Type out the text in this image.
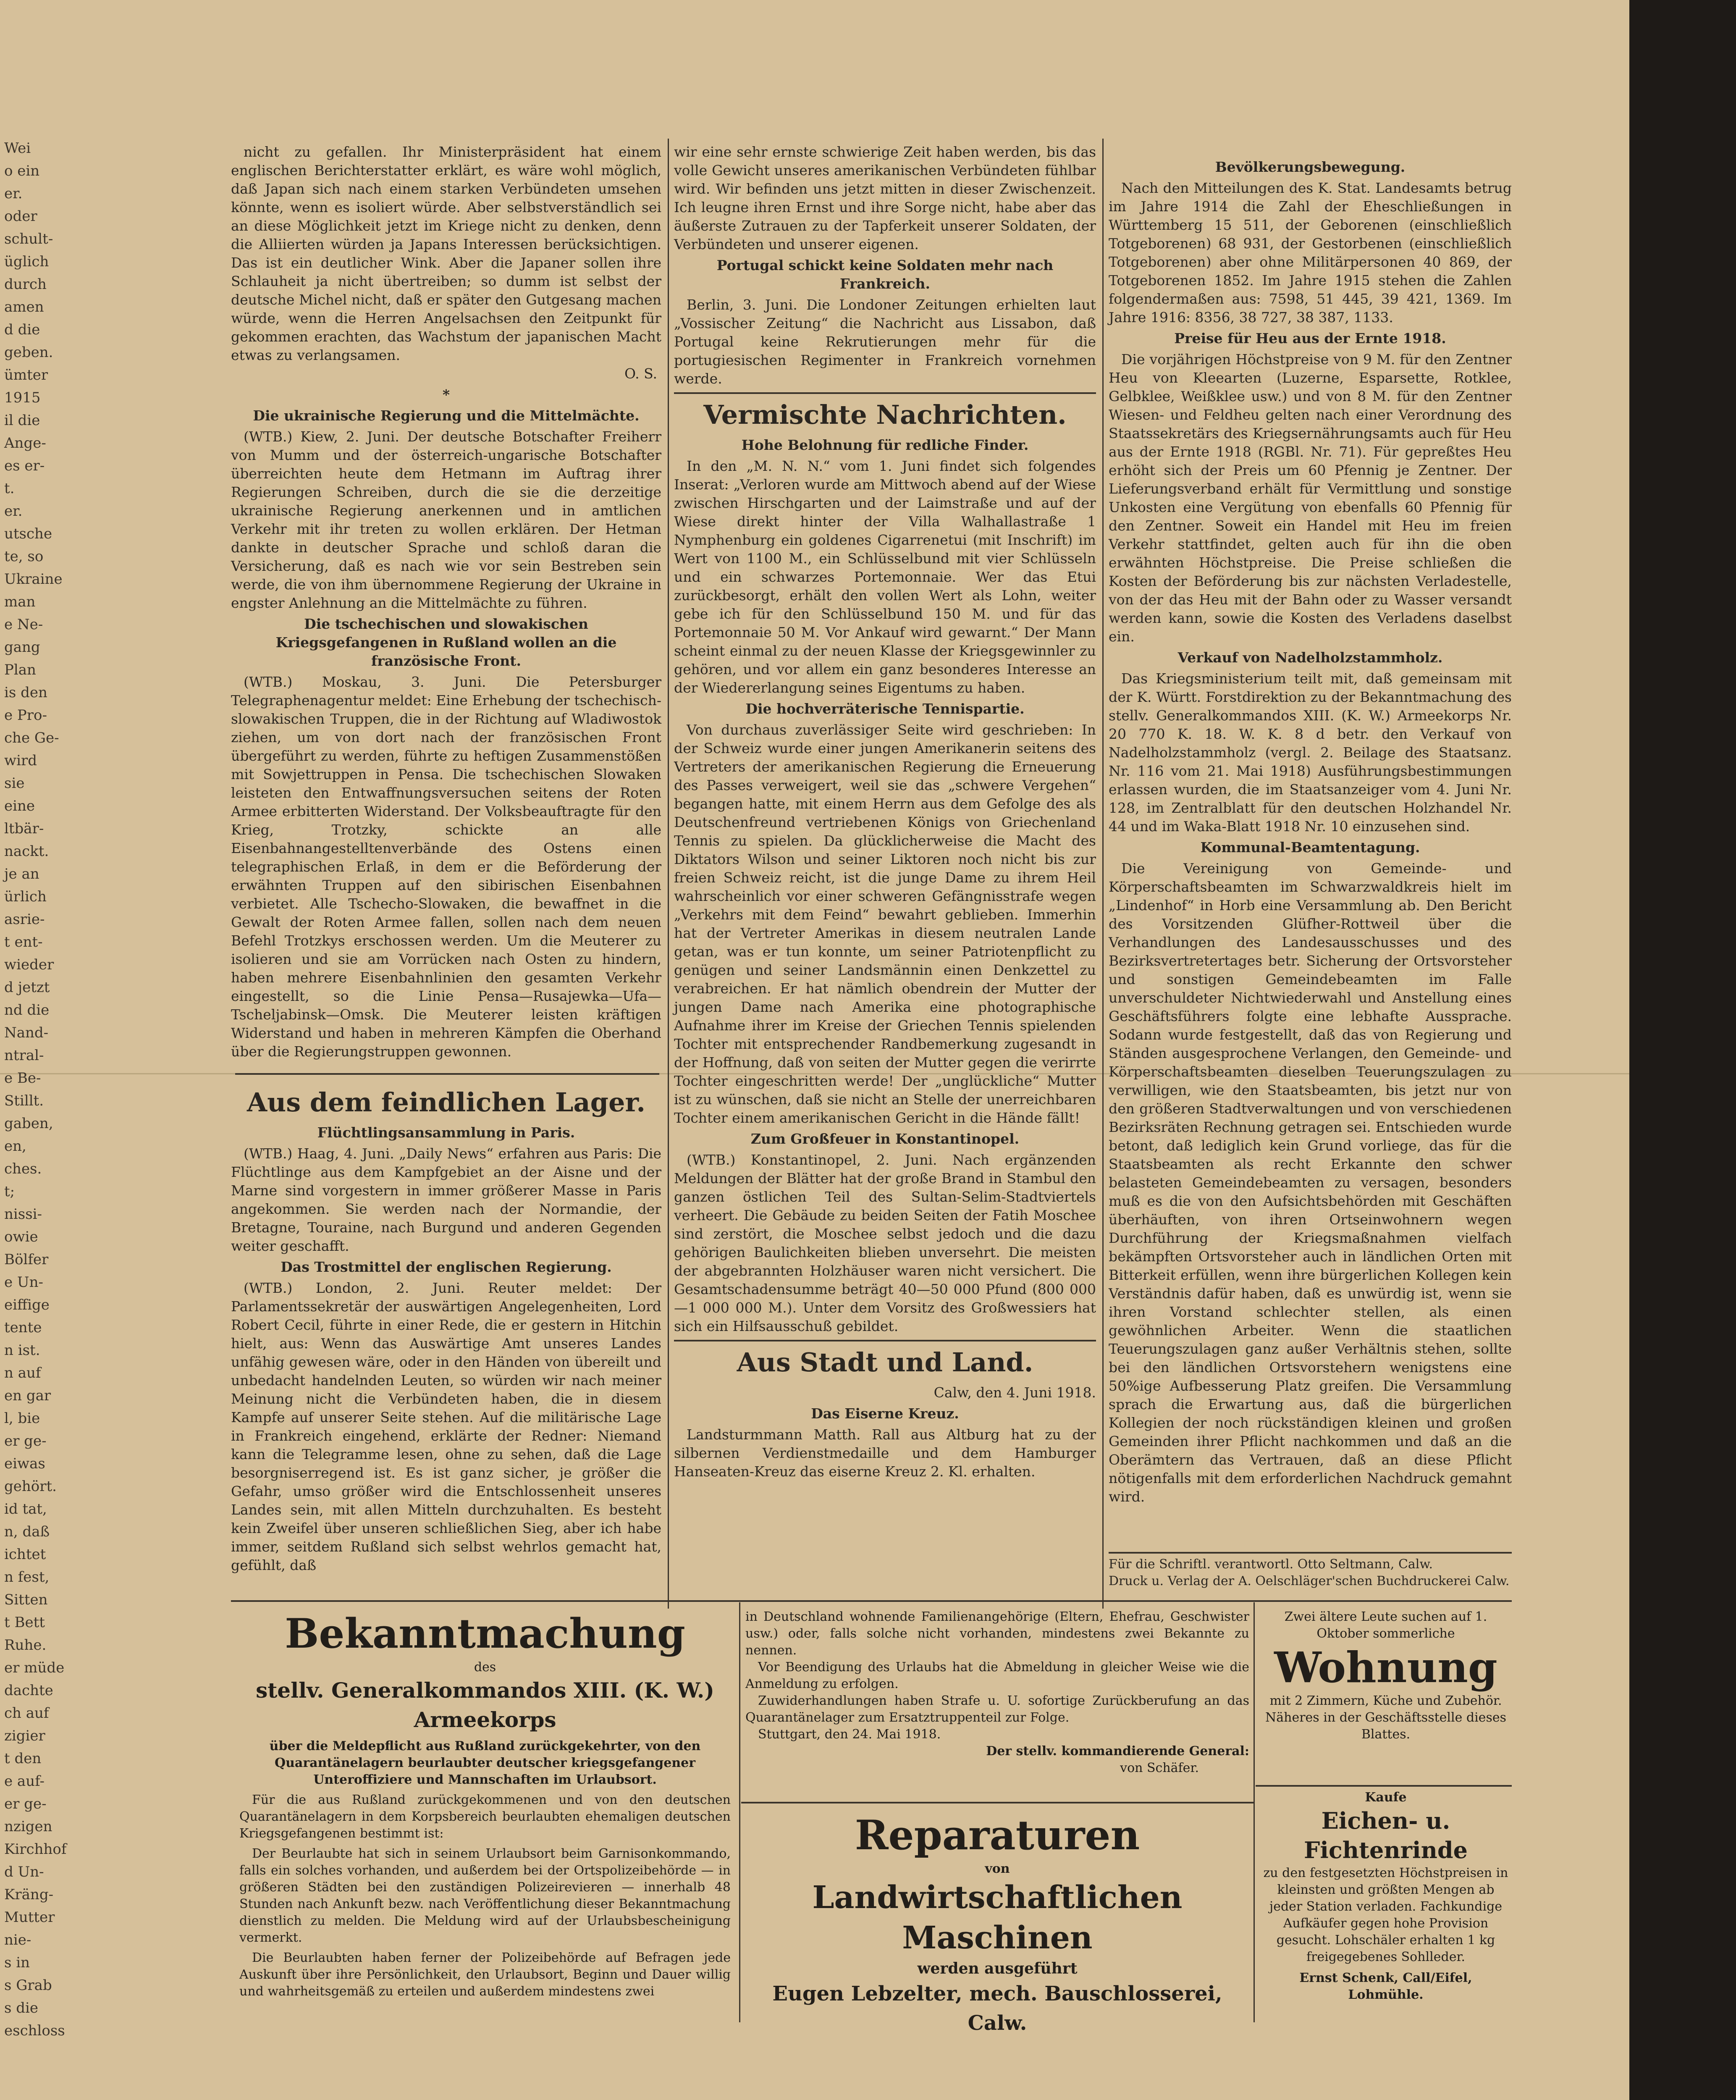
Wei
o ein
er.
oder
schult-
üglich
durch
amen
d die
geben.
ümter
1915
il die
Ange-
es er-
t.
er.
utsche
te, so
Ukraine
man
e Ne-
gang
Plan
is den
e Pro-
che Ge-
wird
sie
eine
ltbär-
nackt.
je an
ürlich
asrie-
t ent-
wieder
d jetzt
nd die
Nand-
ntral-
e Be-
Stillt.
gaben,
en,
ches.
t;
nissi-
owie
Bölfer
e Un-
eiffige
tente
n ist.
n auf
en gar
l, bie
er ge-
eiwas
gehört.
id tat,
n, daß
ichtet
n fest,
Sitten
t Bett
Ruhe.
er müde
dachte
ch auf
zigier
t den
e auf-
er ge-
nzigen
Kirchhof
d Un-
Kräng-
Mutter
nie-
s in
s Grab
s die
eschloss

nicht zu gefallen. Ihr Ministerpräsident hat einem englischen Berichterstatter erklärt, es wäre wohl möglich, daß Japan sich nach einem starken Verbündeten umsehen könnte, wenn es isoliert würde. Aber selbstverständlich sei an diese Möglichkeit jetzt im Kriege nicht zu denken, denn die Alliierten würden ja Japans Interessen berücksichtigen. Das ist ein deutlicher Wink. Aber die Japaner sollen ihre Schlauheit ja nicht übertreiben; so dumm ist selbst der deutsche Michel nicht, daß er später den Gutgesang machen würde, wenn die Herren Angelsachsen den Zeitpunkt für gekommen erachten, das Wachstum der japanischen Macht etwas zu verlangsamen.

O. S.
*
Die ukrainische Regierung und die Mittelmächte.

(WTB.) Kiew, 2. Juni. Der deutsche Botschafter Freiherr von Mumm und der österreich-ungarische Botschafter überreichten heute dem Hetmann im Auftrag ihrer Regierungen Schreiben, durch die sie die derzeitige ukrainische Regierung anerkennen und in amtlichen Verkehr mit ihr treten zu wollen erklären. Der Hetman dankte in deutscher Sprache und schloß daran die Versicherung, daß es nach wie vor sein Bestreben sein werde, die von ihm übernommene Regierung der Ukraine in engster Anlehnung an die Mittelmächte zu führen.

Die tschechischen und slowakischen Kriegsgefangenen in Rußland wollen an die französische Front.

(WTB.) Moskau, 3. Juni. Die Petersburger Telegraphenagentur meldet: Eine Erhebung der tschechisch-slowakischen Truppen, die in der Richtung auf Wladiwostok ziehen, um von dort nach der französischen Front übergeführt zu werden, führte zu heftigen Zusammenstößen mit Sowjettruppen in Pensa. Die tschechischen Slowaken leisteten den Entwaffnungsversuchen seitens der Roten Armee erbitterten Widerstand. Der Volksbeauftragte für den Krieg, Trotzky, schickte an alle Eisenbahnangestelltenverbände des Ostens einen telegraphischen Erlaß, in dem er die Beförderung der erwähnten Truppen auf den sibirischen Eisenbahnen verbietet. Alle Tschecho-Slowaken, die bewaffnet in die Gewalt der Roten Armee fallen, sollen nach dem neuen Befehl Trotzkys erschossen werden. Um die Meuterer zu isolieren und sie am Vorrücken nach Osten zu hindern, haben mehrere Eisenbahnlinien den gesamten Verkehr eingestellt, so die Linie Pensa—Rusajewka—Ufa—Tscheljabinsk—Omsk. Die Meuterer leisten kräftigen Widerstand und haben in mehreren Kämpfen die Oberhand über die Regierungstruppen gewonnen.

Aus dem feindlichen Lager.
Flüchtlingsansammlung in Paris.

(WTB.) Haag, 4. Juni. „Daily News“ erfahren aus Paris: Die Flüchtlinge aus dem Kampfgebiet an der Aisne und der Marne sind vorgestern in immer größerer Masse in Paris angekommen. Sie werden nach der Normandie, der Bretagne, Touraine, nach Burgund und anderen Gegenden weiter geschafft.

Das Trostmittel der englischen Regierung.

(WTB.) London, 2. Juni. Reuter meldet: Der Parlamentssekretär der auswärtigen Angelegenheiten, Lord Robert Cecil, führte in einer Rede, die er gestern in Hitchin hielt, aus: Wenn das Auswärtige Amt unseres Landes unfähig gewesen wäre, oder in den Händen von übereilt und unbedacht handelnden Leuten, so würden wir nach meiner Meinung nicht die Verbündeten haben, die in diesem Kampfe auf unserer Seite stehen. Auf die militärische Lage in Frankreich eingehend, erklärte der Redner: Niemand kann die Telegramme lesen, ohne zu sehen, daß die Lage besorgniserregend ist. Es ist ganz sicher, je größer die Gefahr, umso größer wird die Entschlossenheit unseres Landes sein, mit allen Mitteln durchzuhalten. Es besteht kein Zweifel über unseren schließlichen Sieg, aber ich habe immer, seitdem Rußland sich selbst wehrlos gemacht hat, gefühlt, daß

wir eine sehr ernste schwierige Zeit haben werden, bis das volle Gewicht unseres amerikanischen Verbündeten fühlbar wird. Wir befinden uns jetzt mitten in dieser Zwischenzeit. Ich leugne ihren Ernst und ihre Sorge nicht, habe aber das äußerste Zutrauen zu der Tapferkeit unserer Soldaten, der Verbündeten und unserer eigenen.

Portugal schickt keine Soldaten mehr nach Frankreich.

Berlin, 3. Juni. Die Londoner Zeitungen erhielten laut „Vossischer Zeitung“ die Nachricht aus Lissabon, daß Portugal keine Rekrutierungen mehr für die portugiesischen Regimenter in Frankreich vornehmen werde.

Vermischte Nachrichten.
Hohe Belohnung für redliche Finder.

In den „M. N. N.“ vom 1. Juni findet sich folgendes Inserat: „Verloren wurde am Mittwoch abend auf der Wiese zwischen Hirschgarten und der Laimstraße und auf der Wiese direkt hinter der Villa Walhallastraße 1 Nymphenburg ein goldenes Cigarrenetui (mit Inschrift) im Wert von 1100 M., ein Schlüsselbund mit vier Schlüsseln und ein schwarzes Portemonnaie. Wer das Etui zurückbesorgt, erhält den vollen Wert als Lohn, weiter gebe ich für den Schlüsselbund 150 M. und für das Portemonnaie 50 M. Vor Ankauf wird gewarnt.“ Der Mann scheint einmal zu der neuen Klasse der Kriegsgewinnler zu gehören, und vor allem ein ganz besonderes Interesse an der Wiedererlangung seines Eigentums zu haben.

Die hochverräterische Tennispartie.

Von durchaus zuverlässiger Seite wird geschrieben: In der Schweiz wurde einer jungen Amerikanerin seitens des Vertreters der amerikanischen Regierung die Erneuerung des Passes verweigert, weil sie das „schwere Vergehen“ begangen hatte, mit einem Herrn aus dem Gefolge des als Deutschenfreund vertriebenen Königs von Griechenland Tennis zu spielen. Da glücklicherweise die Macht des Diktators Wilson und seiner Liktoren noch nicht bis zur freien Schweiz reicht, ist die junge Dame zu ihrem Heil wahrscheinlich vor einer schweren Gefängnisstrafe wegen „Verkehrs mit dem Feind“ bewahrt geblieben. Immerhin hat der Vertreter Amerikas in diesem neutralen Lande getan, was er tun konnte, um seiner Patriotenpflicht zu genügen und seiner Landsmännin einen Denkzettel zu verabreichen. Er hat nämlich obendrein der Mutter der jungen Dame nach Amerika eine photographische Aufnahme ihrer im Kreise der Griechen Tennis spielenden Tochter mit entsprechender Randbemerkung zugesandt in der Hoffnung, daß von seiten der Mutter gegen die verirrte Tochter eingeschritten werde! Der „unglückliche“ Mutter ist zu wünschen, daß sie nicht an Stelle der unerreichbaren Tochter einem amerikanischen Gericht in die Hände fällt!

Zum Großfeuer in Konstantinopel.

(WTB.) Konstantinopel, 2. Juni. Nach ergänzenden Meldungen der Blätter hat der große Brand in Stambul den ganzen östlichen Teil des Sultan-Selim-Stadtviertels verheert. Die Gebäude zu beiden Seiten der Fatih Moschee sind zerstört, die Moschee selbst jedoch und die dazu gehörigen Baulichkeiten blieben unversehrt. Die meisten der abgebrannten Holzhäuser waren nicht versichert. Die Gesamtschadensumme beträgt 40—50 000 Pfund (800 000—1 000 000 M.). Unter dem Vorsitz des Großwessiers hat sich ein Hilfsausschuß gebildet.

Aus Stadt und Land.
Calw, den 4. Juni 1918.
Das Eiserne Kreuz.

Landsturmmann Matth. Rall aus Altburg hat zu der silbernen Verdienstmedaille und dem Hamburger Hanseaten-Kreuz das eiserne Kreuz 2. Kl. erhalten.

Bevölkerungsbewegung.

Nach den Mitteilungen des K. Stat. Landesamts betrug im Jahre 1914 die Zahl der Eheschließungen in Württemberg 15 511, der Geborenen (einschließlich Totgeborenen) 68 931, der Gestorbenen (einschließlich Totgeborenen) aber ohne Militärpersonen 40 869, der Totgeborenen 1852. Im Jahre 1915 stehen die Zahlen folgendermaßen aus: 7598, 51 445, 39 421, 1369. Im Jahre 1916: 8356, 38 727, 38 387, 1133.

Preise für Heu aus der Ernte 1918.

Die vorjährigen Höchstpreise von 9 M. für den Zentner Heu von Kleearten (Luzerne, Esparsette, Rotklee, Gelbklee, Weißklee usw.) und von 8 M. für den Zentner Wiesen- und Feldheu gelten nach einer Verordnung des Staatssekretärs des Kriegsernährungsamts auch für Heu aus der Ernte 1918 (RGBl. Nr. 71). Für gepreßtes Heu erhöht sich der Preis um 60 Pfennig je Zentner. Der Lieferungsverband erhält für Vermittlung und sonstige Unkosten eine Vergütung von ebenfalls 60 Pfennig für den Zentner. Soweit ein Handel mit Heu im freien Verkehr stattfindet, gelten auch für ihn die oben erwähnten Höchstpreise. Die Preise schließen die Kosten der Beförderung bis zur nächsten Verladestelle, von der das Heu mit der Bahn oder zu Wasser versandt werden kann, sowie die Kosten des Verladens daselbst ein.

Verkauf von Nadelholzstammholz.

Das Kriegsministerium teilt mit, daß gemeinsam mit der K. Württ. Forstdirektion zu der Bekanntmachung des stellv. Generalkommandos XIII. (K. W.) Armeekorps Nr. 20 770 K. 18. W. K. 8 d betr. den Verkauf von Nadelholzstammholz (vergl. 2. Beilage des Staatsanz. Nr. 116 vom 21. Mai 1918) Ausführungsbestimmungen erlassen wurden, die im Staatsanzeiger vom 4. Juni Nr. 128, im Zentralblatt für den deutschen Holzhandel Nr. 44 und im Waka-Blatt 1918 Nr. 10 einzusehen sind.

Kommunal-Beamtentagung.

Die Vereinigung von Gemeinde- und Körperschaftsbeamten im Schwarzwaldkreis hielt im „Lindenhof“ in Horb eine Versammlung ab. Den Bericht des Vorsitzenden Glüfher-Rottweil über die Verhandlungen des Landesausschusses und des Bezirksvertretertages betr. Sicherung der Ortsvorsteher und sonstigen Gemeindebeamten im Falle unverschuldeter Nichtwiederwahl und Anstellung eines Geschäftsführers folgte eine lebhafte Aussprache. Sodann wurde festgestellt, daß das von Regierung und Ständen ausgesprochene Verlangen, den Gemeinde- und Körperschaftsbeamten dieselben Teuerungszulagen zu verwilligen, wie den Staatsbeamten, bis jetzt nur von den größeren Stadtverwaltungen und von verschiedenen Bezirksräten Rechnung getragen sei. Entschieden wurde betont, daß lediglich kein Grund vorliege, das für die Staatsbeamten als recht Erkannte den schwer belasteten Gemeindebeamten zu versagen, besonders muß es die von den Aufsichtsbehörden mit Geschäften überhäuften, von ihren Ortseinwohnern wegen Durchführung der Kriegsmaßnahmen vielfach bekämpften Ortsvorsteher auch in ländlichen Orten mit Bitterkeit erfüllen, wenn ihre bürgerlichen Kollegen kein Verständnis dafür haben, daß es unwürdig ist, wenn sie ihren Vorstand schlechter stellen, als einen gewöhnlichen Arbeiter. Wenn die staatlichen Teuerungszulagen ganz außer Verhältnis stehen, sollte bei den ländlichen Ortsvorstehern wenigstens eine 50%ige Aufbesserung Platz greifen. Die Versammlung sprach die Erwartung aus, daß die bürgerlichen Kollegien der noch rückständigen kleinen und großen Gemeinden ihrer Pflicht nachkommen und daß an die Oberämtern das Vertrauen, daß an diese Pflicht nötigenfalls mit dem erforderlichen Nachdruck gemahnt wird.

Für die Schriftl. verantwortl. Otto Seltmann, Calw.
Druck u. Verlag der A. Oelschläger'schen Buchdruckerei Calw.
Bekanntmachung
des
stellv. Generalkommandos XIII. (K. W.) Armeekorps
über die Meldepflicht aus Rußland zurückgekehrter, von den Quarantänelagern beurlaubter deutscher kriegsgefangener Unteroffiziere und Mannschaften im Urlaubsort.
Für die aus Rußland zurückgekommenen und von den deutschen Quarantänelagern in dem Korpsbereich beurlaubten ehemaligen deutschen Kriegsgefangenen bestimmt ist:
Der Beurlaubte hat sich in seinem Urlaubsort beim Garnisonkommando, falls ein solches vorhanden, und außerdem bei der Ortspolizeibehörde — in größeren Städten bei den zuständigen Polizeirevieren — innerhalb 48 Stunden nach Ankunft bezw. nach Veröffentlichung dieser Bekanntmachung dienstlich zu melden. Die Meldung wird auf der Urlaubsbescheinigung vermerkt.
Die Beurlaubten haben ferner der Polizeibehörde auf Befragen jede Auskunft über ihre Persönlichkeit, den Urlaubsort, Beginn und Dauer willig und wahrheitsgemäß zu erteilen und außerdem mindestens zwei
in Deutschland wohnende Familienangehörige (Eltern, Ehefrau, Geschwister usw.) oder, falls solche nicht vorhanden, mindestens zwei Bekannte zu nennen.
Vor Beendigung des Urlaubs hat die Abmeldung in gleicher Weise wie die Anmeldung zu erfolgen.
Zuwiderhandlungen haben Strafe u. U. sofortige Zurückberufung an das Quarantänelager zum Ersatztruppenteil zur Folge.
Stuttgart, den 24. Mai 1918.
Der stellv. kommandierende General:
von Schäfer.
Reparaturen
von
Landwirtschaftlichen Maschinen
werden ausgeführt
Eugen Lebzelter, mech. Bauschlosserei, Calw.
Zwei ältere Leute suchen auf 1. Oktober sommerliche
Wohnung
mit 2 Zimmern, Küche und Zubehör. Näheres in der Geschäftsstelle dieses Blattes.
Kaufe
Eichen- u. Fichtenrinde
zu den festgesetzten Höchstpreisen in kleinsten und größten Mengen ab jeder Station verladen. Fachkundige Aufkäufer gegen hohe Provision gesucht. Lohschäler erhalten 1 kg freigegebenes Sohlleder.
Ernst Schenk, Call/Eifel,
Lohmühle.
